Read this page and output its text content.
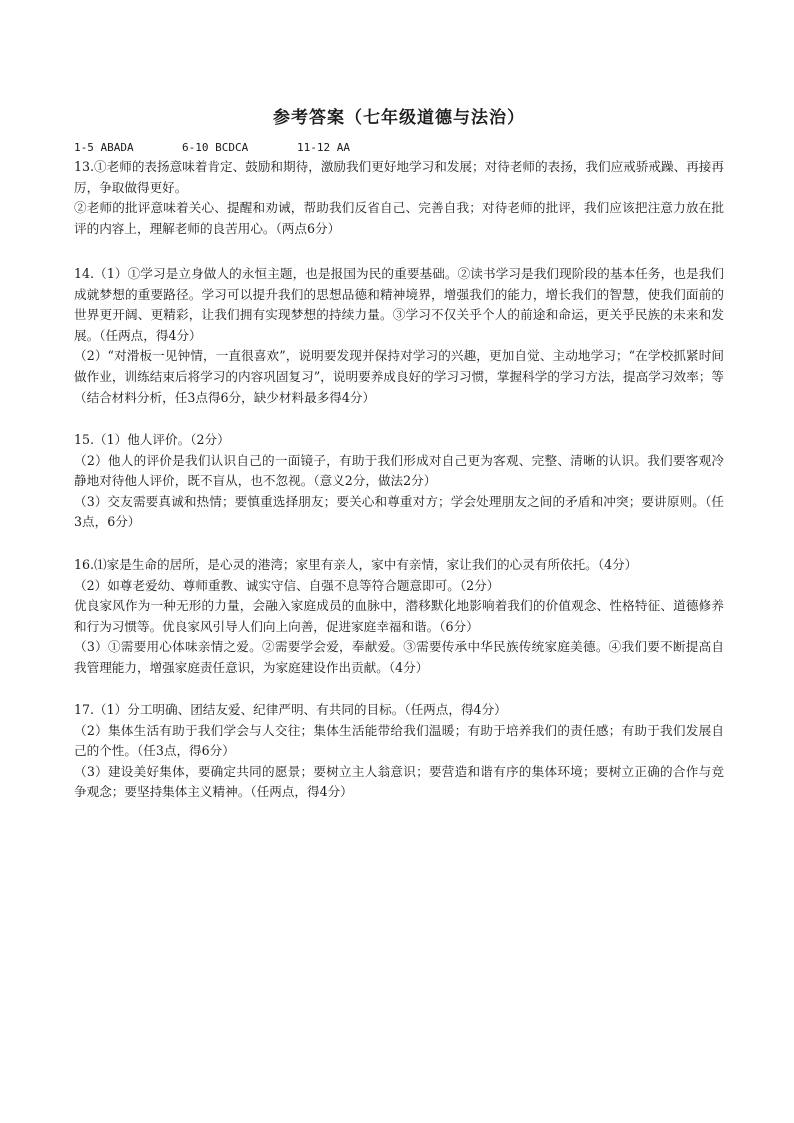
参考答案（七年级道德与法治）
1-5 ABADA	6-10 BCDCA	11-12 AA

13.①老师的表扬意味着肯定、鼓励和期待，激励我们更好地学习和发展；对待老师的表扬，我们应戒骄戒躁、再接再厉，争取做得更好。

②老师的批评意味着关心、提醒和劝诫，帮助我们反省自己、完善自我；对待老师的批评，我们应该把注意力放在批评的内容上，理解老师的良苦用心。（两点6分）

14.（1）①学习是立身做人的永恒主题，也是报国为民的重要基础。②读书学习是我们现阶段的基本任务，也是我们成就梦想的重要路径。学习可以提升我们的思想品德和精神境界，增强我们的能力，增长我们的智慧，使我们面前的世界更开阔、更精彩，让我们拥有实现梦想的持续力量。③学习不仅关乎个人的前途和命运，更关乎民族的未来和发展。（任两点，得4分）

（2）“对滑板一见钟情，一直很喜欢”，说明要发现并保持对学习的兴趣，更加自觉、主动地学习；“在学校抓紧时间做作业，训练结束后将学习的内容巩固复习”，说明要养成良好的学习习惯，掌握科学的学习方法，提高学习效率；等（结合材料分析，任3点得6分，缺少材料最多得4分）

15.（1）他人评价。（2分）

（2）他人的评价是我们认识自己的一面镜子，有助于我们形成对自己更为客观、完整、清晰的认识。我们要客观冷静地对待他人评价，既不盲从，也不忽视。（意义2分，做法2分）

（3）交友需要真诚和热情；要慎重选择朋友；要关心和尊重对方；学会处理朋友之间的矛盾和冲突；要讲原则。（任3点，6分）

16.⑴家是生命的居所，是心灵的港湾；家里有亲人，家中有亲情，家让我们的心灵有所依托。（4分）

（2）如尊老爱幼、尊师重教、诚实守信、自强不息等符合题意即可。（2分）

优良家风作为一种无形的力量，会融入家庭成员的血脉中，潜移默化地影响着我们的价值观念、性格特征、道德修养和行为习惯等。优良家风引导人们向上向善，促进家庭幸福和谐。（6分）

（3）①需要用心体味亲情之爱。②需要学会爱，奉献爱。③需要传承中华民族传统家庭美德。④我们要不断提高自我管理能力，增强家庭责任意识，为家庭建设作出贡献。（4分）

17.（1）分工明确、团结友爱、纪律严明、有共同的目标。（任两点，得4分）

（2）集体生活有助于我们学会与人交往；集体生活能带给我们温暖；有助于培养我们的责任感；有助于我们发展自己的个性。（任3点，得6分）

（3）建设美好集体，要确定共同的愿景；要树立主人翁意识；要营造和谐有序的集体环境；要树立正确的合作与竞争观念；要坚持集体主义精神。（任两点，得4分）
